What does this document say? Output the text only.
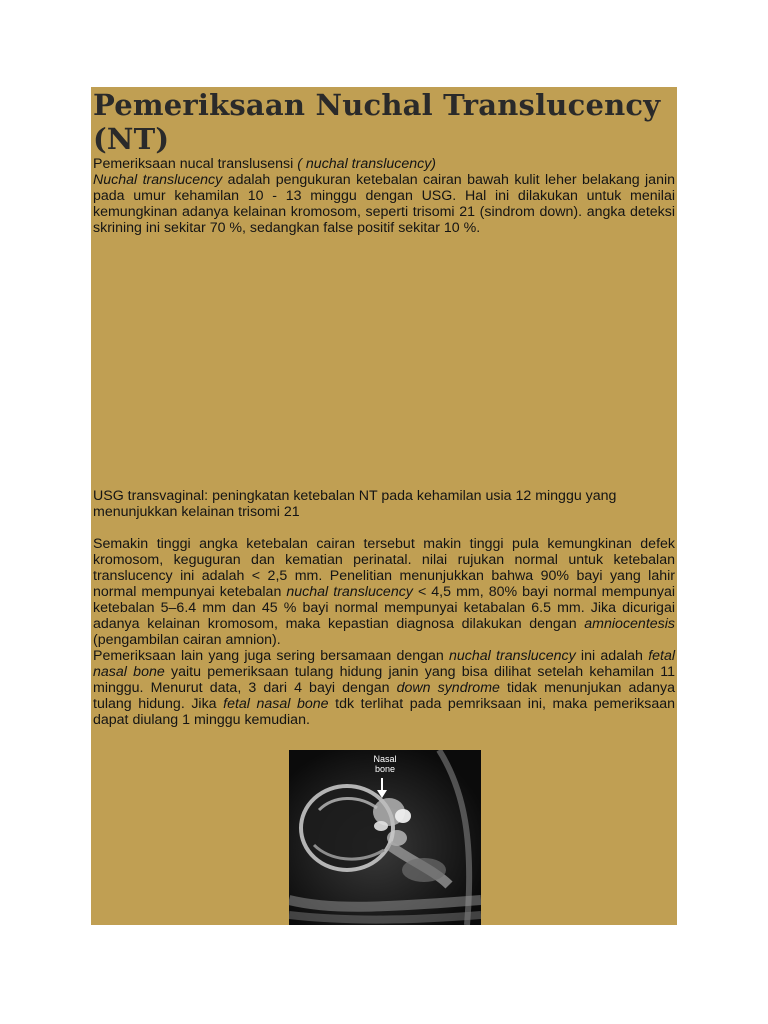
Pemeriksaan Nuchal Translucency (NT)

Pemeriksaan nucal translusensi ( nuchal translucency)

Nuchal translucency adalah pengukuran ketebalan cairan bawah kulit leher belakang janin pada umur kehamilan 10 - 13 minggu dengan USG. Hal ini dilakukan untuk menilai kemungkinan adanya kelainan kromosom, seperti trisomi 21 (sindrom down). angka deteksi skrining ini sekitar 70 %, sedangkan false positif sekitar 10 %.

USG transvaginal: peningkatan ketebalan NT pada kehamilan usia 12 minggu yang menunjukkan kelainan trisomi 21

Semakin tinggi angka ketebalan cairan tersebut makin tinggi pula kemungkinan defek kromosom, keguguran dan kematian perinatal. nilai rujukan normal untuk ketebalan translucency ini adalah < 2,5 mm. Penelitian menunjukkan bahwa 90% bayi yang lahir normal mempunyai ketebalan nuchal translucency < 4,5 mm, 80% bayi normal mempunyai ketebalan 5–6.4 mm dan 45 % bayi normal mempunyai ketabalan 6.5 mm. Jika dicurigai adanya kelainan kromosom, maka kepastian diagnosa dilakukan dengan amniocentesis (pengambilan cairan amnion).

Pemeriksaan lain yang juga sering bersamaan dengan nuchal translucency ini adalah fetal nasal bone yaitu pemeriksaan tulang hidung janin yang bisa dilihat setelah kehamilan 11 minggu. Menurut data, 3 dari 4 bayi dengan down syndrome tidak menunjukan adanya tulang hidung. Jika fetal nasal bone tdk terlihat pada pemriksaan ini, maka pemeriksaan dapat diulang 1 minggu kemudian.

Nasal
bone
